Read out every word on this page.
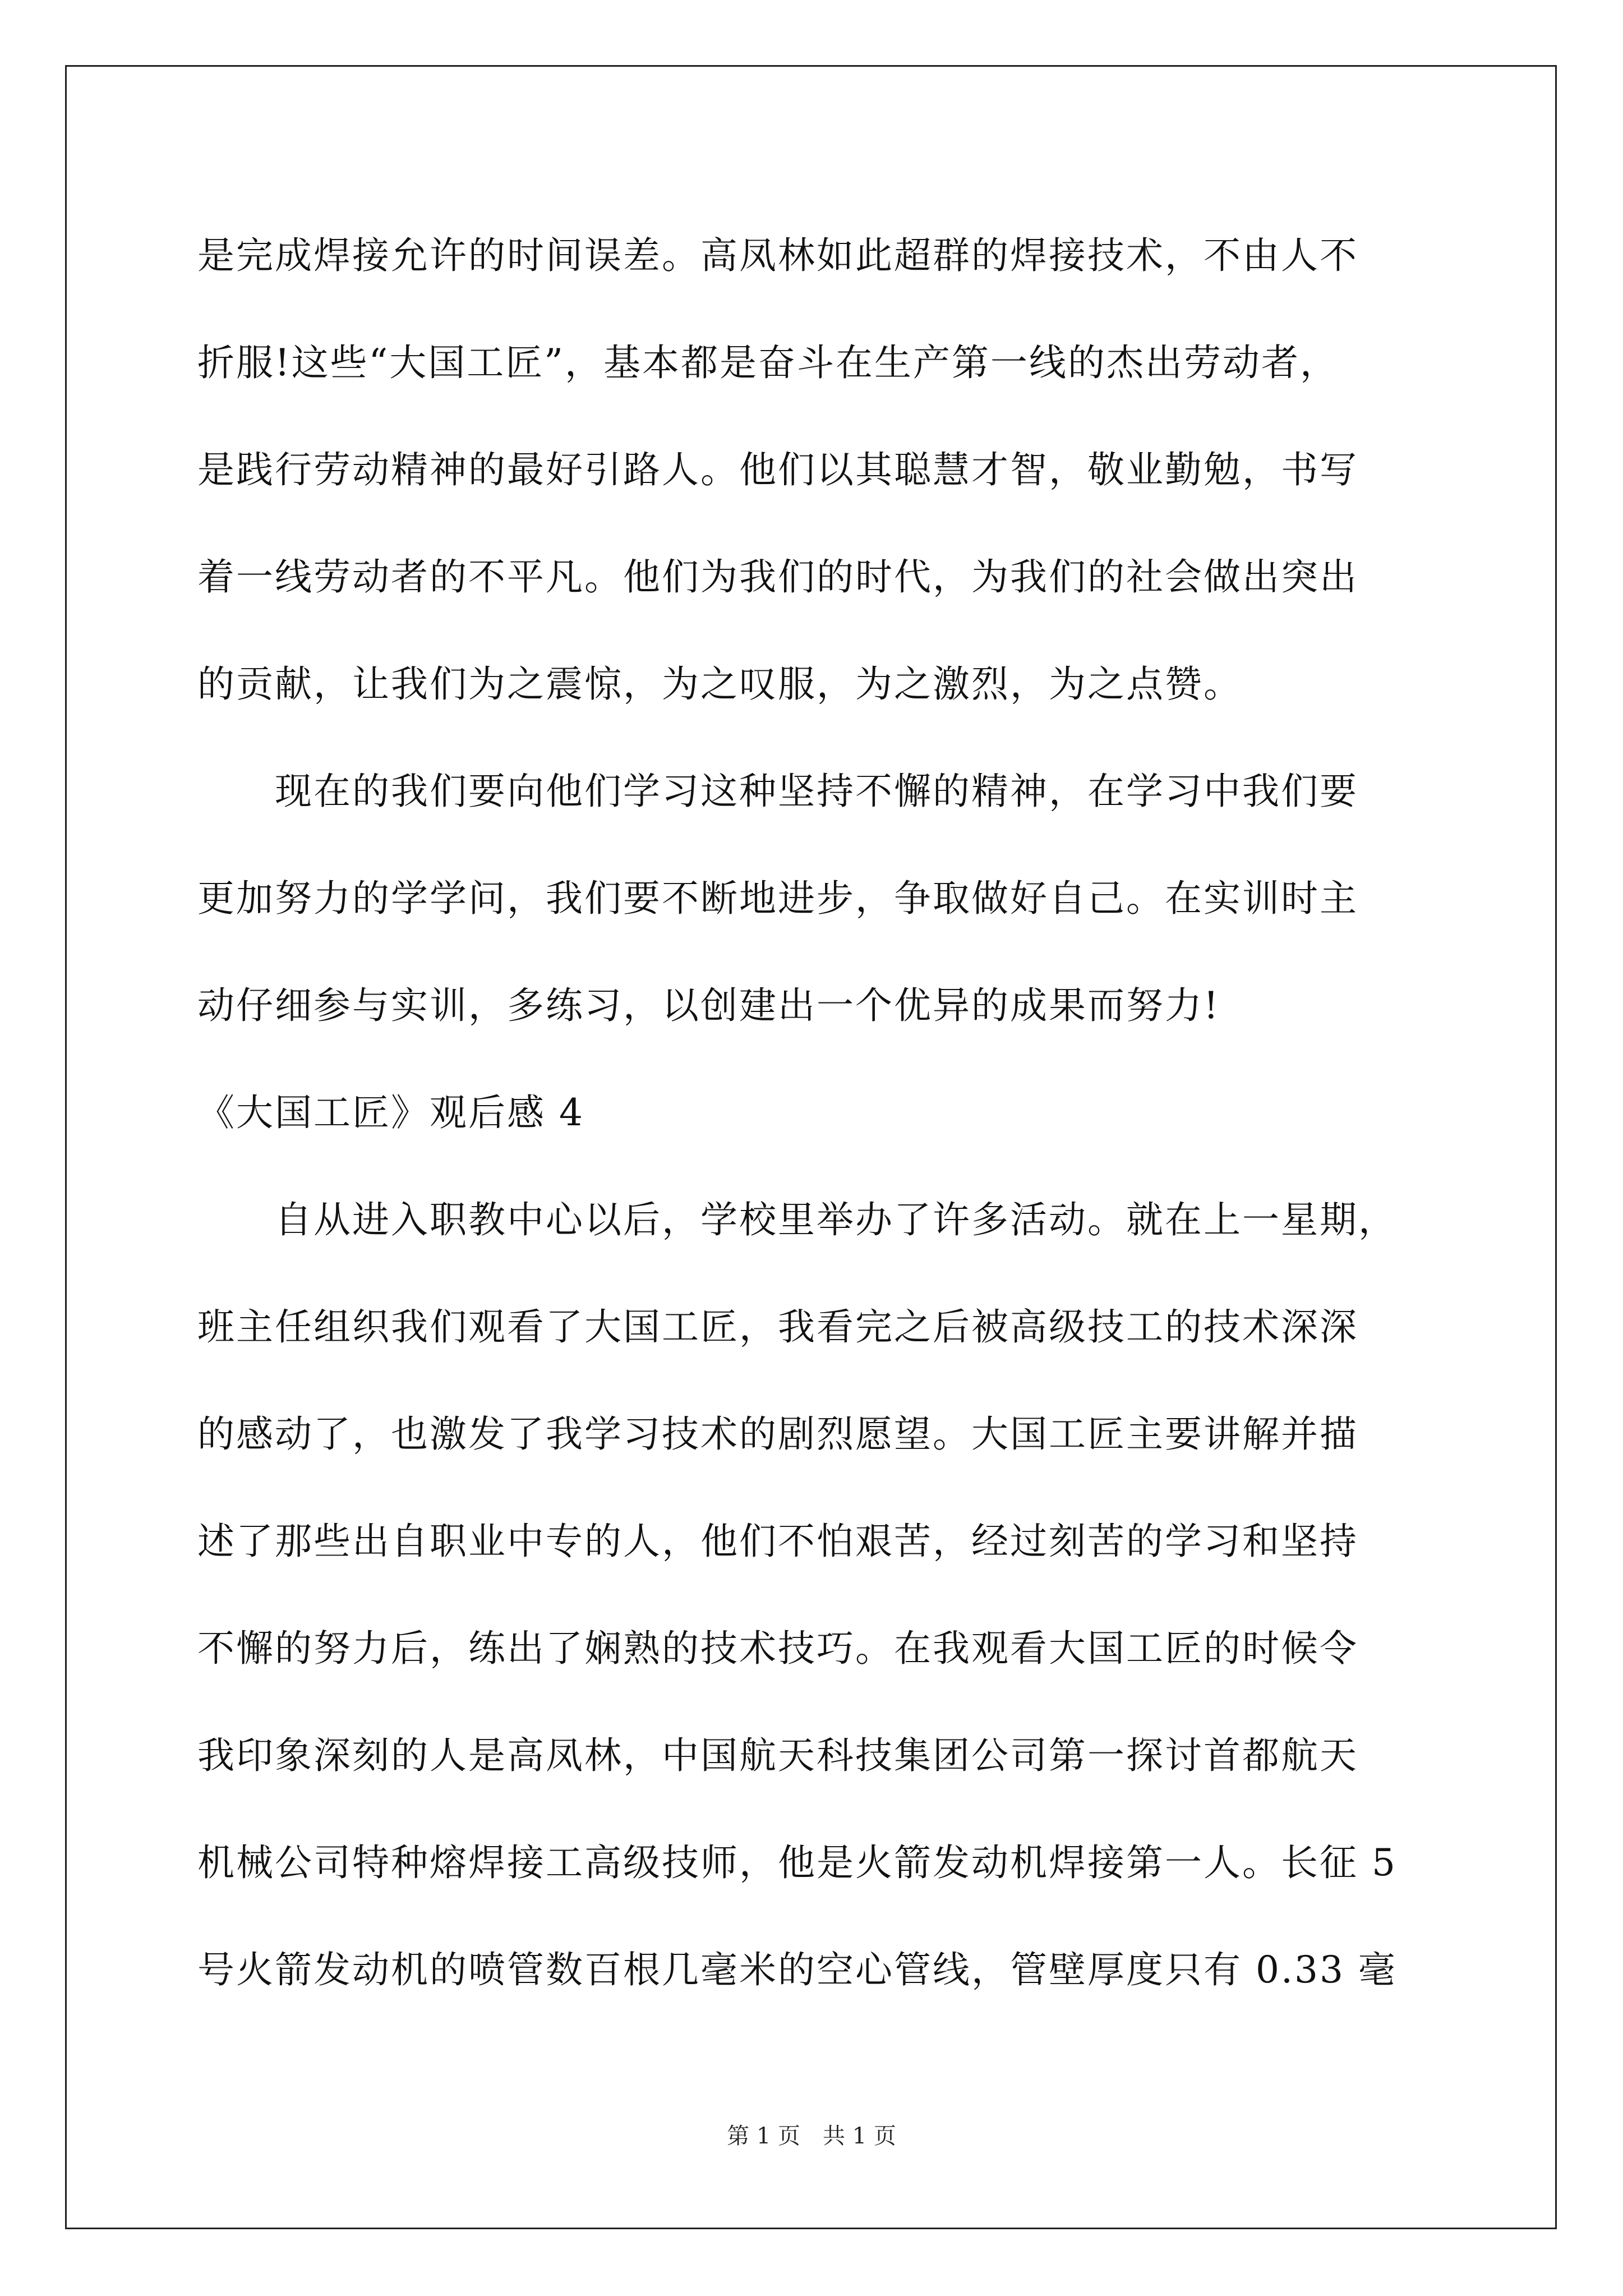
是完成焊接允许的时间误差。高凤林如此超群的焊接技术，不由人不
折服!这些“大国工匠”，基本都是奋斗在生产第一线的杰出劳动者，
是践行劳动精神的最好引路人。他们以其聪慧才智，敬业勤勉，书写
着一线劳动者的不平凡。他们为我们的时代，为我们的社会做出突出
的贡献，让我们为之震惊，为之叹服，为之激烈，为之点赞。
　　现在的我们要向他们学习这种坚持不懈的精神，在学习中我们要
更加努力的学学问，我们要不断地进步，争取做好自己。在实训时主
动仔细参与实训，多练习，以创建出一个优异的成果而努力!
《大国工匠》观后感 4
　　自从进入职教中心以后，学校里举办了许多活动。就在上一星期，
班主任组织我们观看了大国工匠，我看完之后被高级技工的技术深深
的感动了，也激发了我学习技术的剧烈愿望。大国工匠主要讲解并描
述了那些出自职业中专的人，他们不怕艰苦，经过刻苦的学习和坚持
不懈的努力后，练出了娴熟的技术技巧。在我观看大国工匠的时候令
我印象深刻的人是高凤林，中国航天科技集团公司第一探讨首都航天
机械公司特种熔焊接工高级技师，他是火箭发动机焊接第一人。长征 5
号火箭发动机的喷管数百根几毫米的空心管线，管壁厚度只有 0.33 毫
第 1 页　共 1 页
